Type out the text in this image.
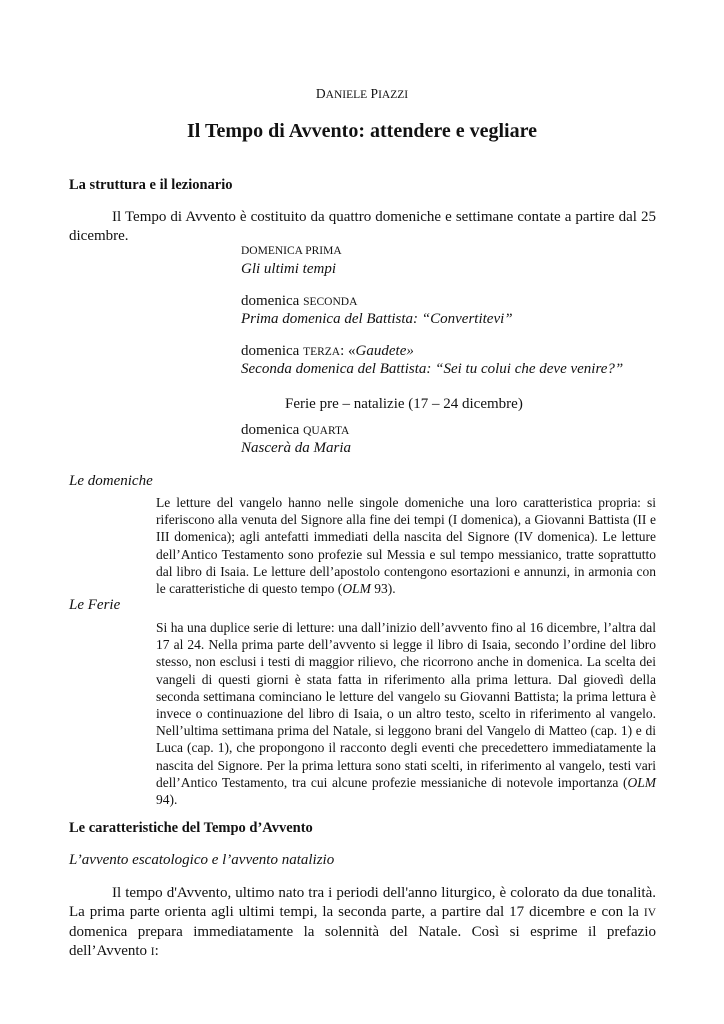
DANIELE PIAZZI

Il Tempo di Avvento: attendere e vegliare
La struttura e il lezionario

Il Tempo di Avvento è costituito da quattro domeniche e settimane contate a partire dal 25 dicembre.

DOMENICA PRIMA
Gli ultimi tempi
domenica SECONDA
Prima domenica del Battista: “Convertitevi”
domenica TERZA: «Gaudete»
Seconda domenica del Battista: “Sei tu colui che deve venire?”
Ferie pre – natalizie (17 – 24 dicembre)
domenica QUARTA
Nascerà da Maria
Le domeniche

Le letture del vangelo hanno nelle singole domeniche una loro caratteristica propria: si riferiscono alla venuta del Signore alla fine dei tempi (I domenica), a Giovanni Battista (II e III domenica); agli antefatti immediati della nascita del Signore (IV domenica). Le letture dell’Antico Testamento sono profezie sul Messia e sul tempo messianico, tratte soprattutto dal libro di Isaia. Le letture dell’apostolo contengono esortazioni e annunzi, in armonia con le caratteristiche di questo tempo (OLM 93).

Le Ferie

Si ha una duplice serie di letture: una dall’inizio dell’avvento fino al 16 dicembre, l’altra dal 17 al 24. Nella prima parte dell’avvento si legge il libro di Isaia, secondo l’ordine del libro stesso, non esclusi i testi di maggior rilievo, che ricorrono anche in domenica. La scelta dei vangeli di questi giorni è stata fatta in riferimento alla prima lettura. Dal giovedì della seconda settimana cominciano le letture del vangelo su Giovanni Battista; la prima lettura è invece o continuazione del libro di Isaia, o un altro testo, scelto in riferimento al vangelo. Nell’ultima settimana prima del Natale, si leggono brani del Vangelo di Matteo (cap. 1) e di Luca (cap. 1), che propongono il racconto degli eventi che precedettero immediatamente la nascita del Signore. Per la prima lettura sono stati scelti, in riferimento al vangelo, testi vari dell’Antico Testamento, tra cui alcune profezie messianiche di notevole importanza (OLM 94).

Le caratteristiche del Tempo d’Avvento
L’avvento escatologico e l’avvento natalizio

Il tempo d'Avvento, ultimo nato tra i periodi dell'anno liturgico, è colorato da due tonalità. La prima parte orienta agli ultimi tempi, la seconda parte, a partire dal 17 dicembre e con la IV domenica prepara immediatamente la solennità del Natale. Così si esprime il prefazio dell’Avvento I:
